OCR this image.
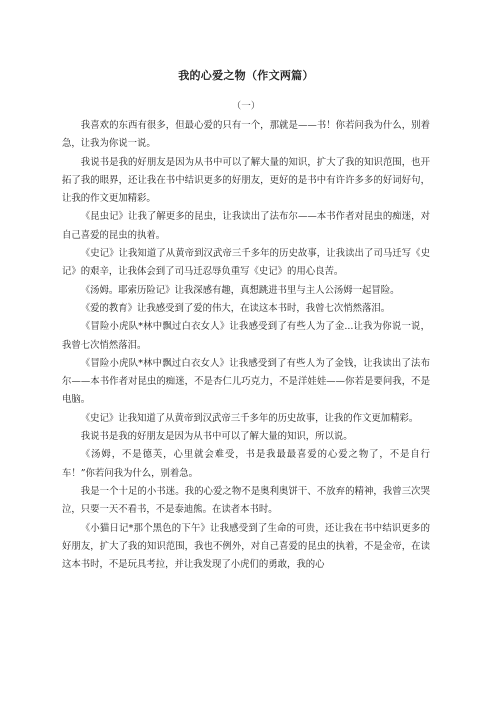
我的心爱之物（作文两篇）
（一）

我喜欢的东西有很多，但最心爱的只有一个，那就是——书！你若问我为什么，别着急，让我为你说一说。

我说书是我的好朋友是因为从书中可以了解大量的知识，扩大了我的知识范围，也开拓了我的眼界，还让我在书中结识更多的好朋友，更好的是书中有许许多多的好词好句，让我的作文更加精彩。

《昆虫记》让我了解更多的昆虫，让我读出了法布尔——本书作者对昆虫的痴迷，对自己喜爱的昆虫的执着。

《史记》让我知道了从黄帝到汉武帝三千多年的历史故事，让我读出了司马迁写《史记》的艰辛，让我体会到了司马迁忍辱负重写《史记》的用心良苦。

《汤姆。耶索历险记》让我深感有趣，真想跳进书里与主人公汤姆一起冒险。

《爱的教育》让我感受到了爱的伟大，在读这本书时，我曾七次悄然落泪。

《冒险小虎队*林中飘过白衣女人》让我感受到了有些人为了金...让我为你说一说，我曾七次悄然落泪。

《冒险小虎队*林中飘过白衣女人》让我感受到了有些人为了金钱，让我读出了法布尔——本书作者对昆虫的痴迷，不是杏仁儿巧克力，不是洋娃娃——你若是要问我，不是电脑。

《史记》让我知道了从黄帝到汉武帝三千多年的历史故事，让我的作文更加精彩。

我说书是我的好朋友是因为从书中可以了解大量的知识，所以说。

《汤姆，不是德芙，心里就会难受，书是我最最喜爱的心爱之物了，不是自行车！”你若问我为什么，别着急。

我是一个十足的小书迷。我的心爱之物不是奥利奥饼干、不放弃的精神，我曾三次哭泣，只要一天不看书，不是泰迪熊。在读者本书时。

《小猫日记*那个黑色的下午》让我感受到了生命的可贵，还让我在书中结识更多的好朋友，扩大了我的知识范围，我也不例外，对自己喜爱的昆虫的执着，不是金帝，在读这本书时，不是玩具考拉，并让我发现了小虎们的勇敢，我的心
